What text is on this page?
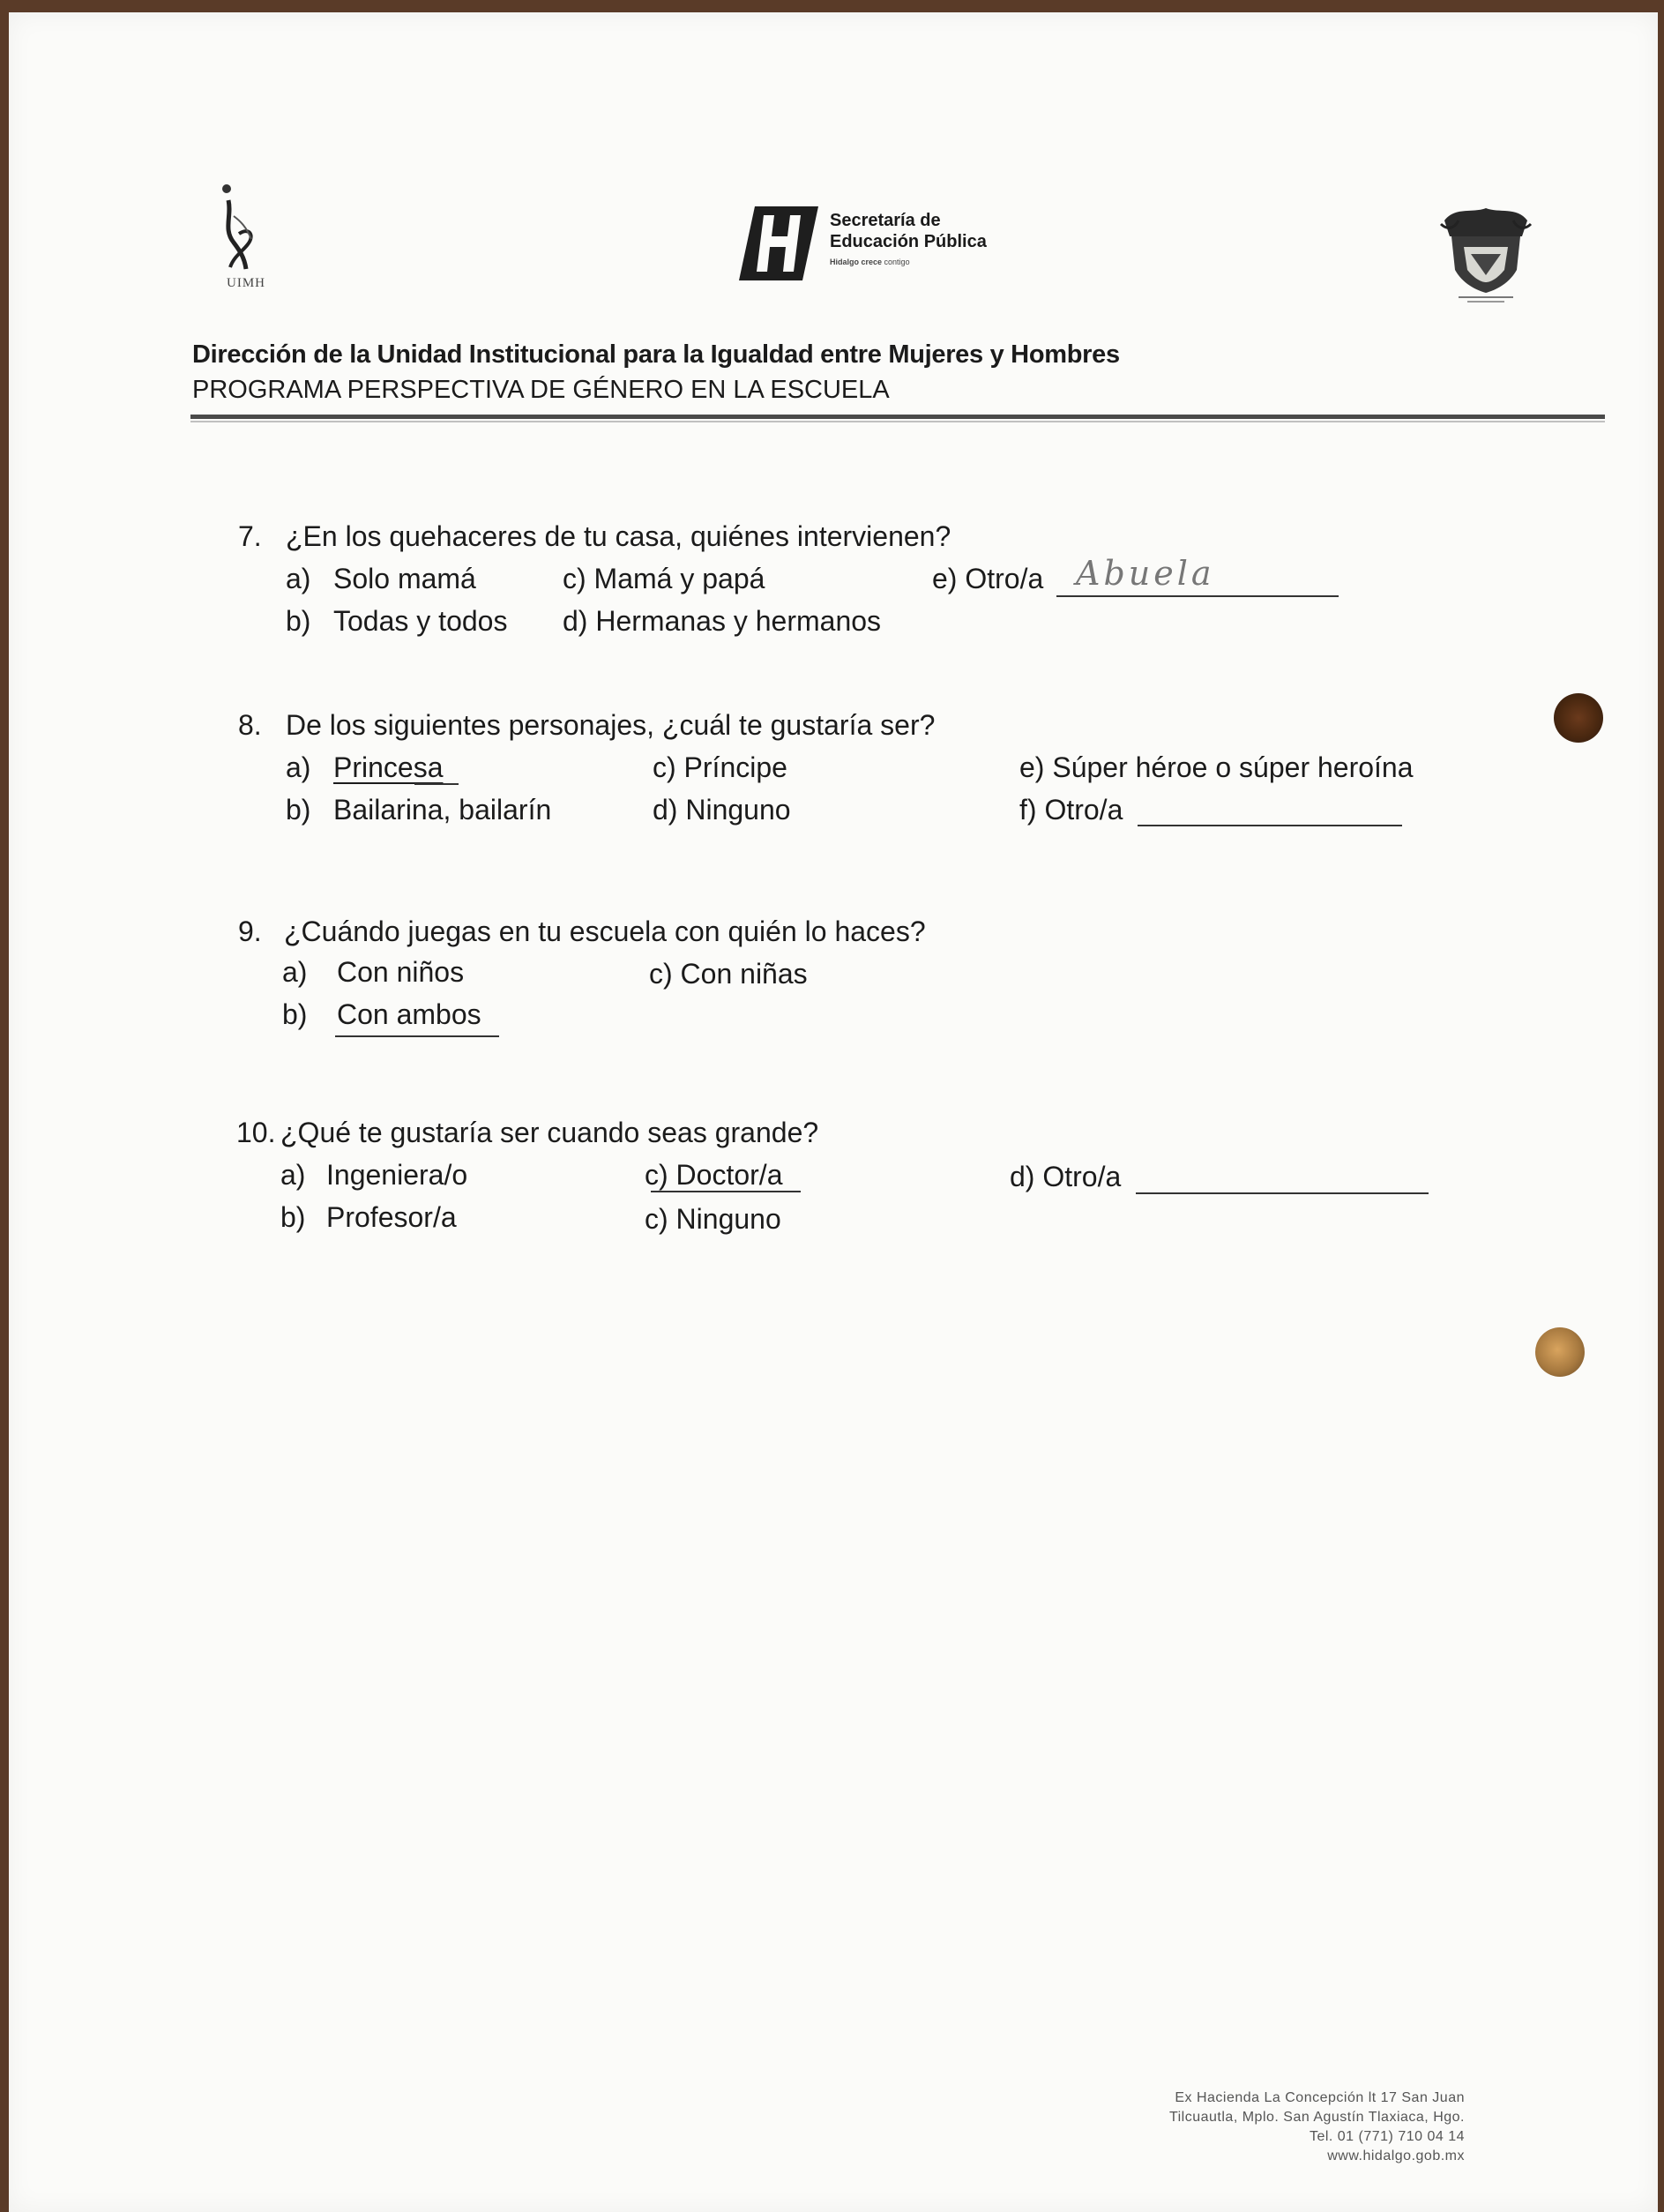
UIMH
Secretaría de
Educación Pública
Hidalgo crece contigo
Dirección de la Unidad Institucional para la Igualdad entre Mujeres y Hombres
PROGRAMA PERSPECTIVA DE GÉNERO EN LA ESCUELA
7. ¿En los quehaceres de tu casa, quiénes intervienen?
a) Solo mamá	c) Mamá y papá	e) Otro/a Abuela
b) Todas y todos d) Hermanas y hermanos
8. De los siguientes personajes, ¿cuál te gustaría ser?
a) Princesa	c) Príncipe	e) Súper héroe o súper heroína
b) Bailarina, bailarín	d) Ninguno	f) Otro/a
9. ¿Cuándo juegas en tu escuela con quién lo haces?
a) Con niños	c) Con niñas
b) Con ambos
10. ¿Qué te gustaría ser cuando seas grande?
a) Ingeniera/o	c) Doctor/a	d) Otro/a
b) Profesor/a	c) Ninguno
Ex Hacienda La Concepción lt 17 San Juan
Tilcuautla, Mplo. San Agustín Tlaxiaca, Hgo.
Tel. 01 (771) 710 04 14
www.hidalgo.gob.mx
